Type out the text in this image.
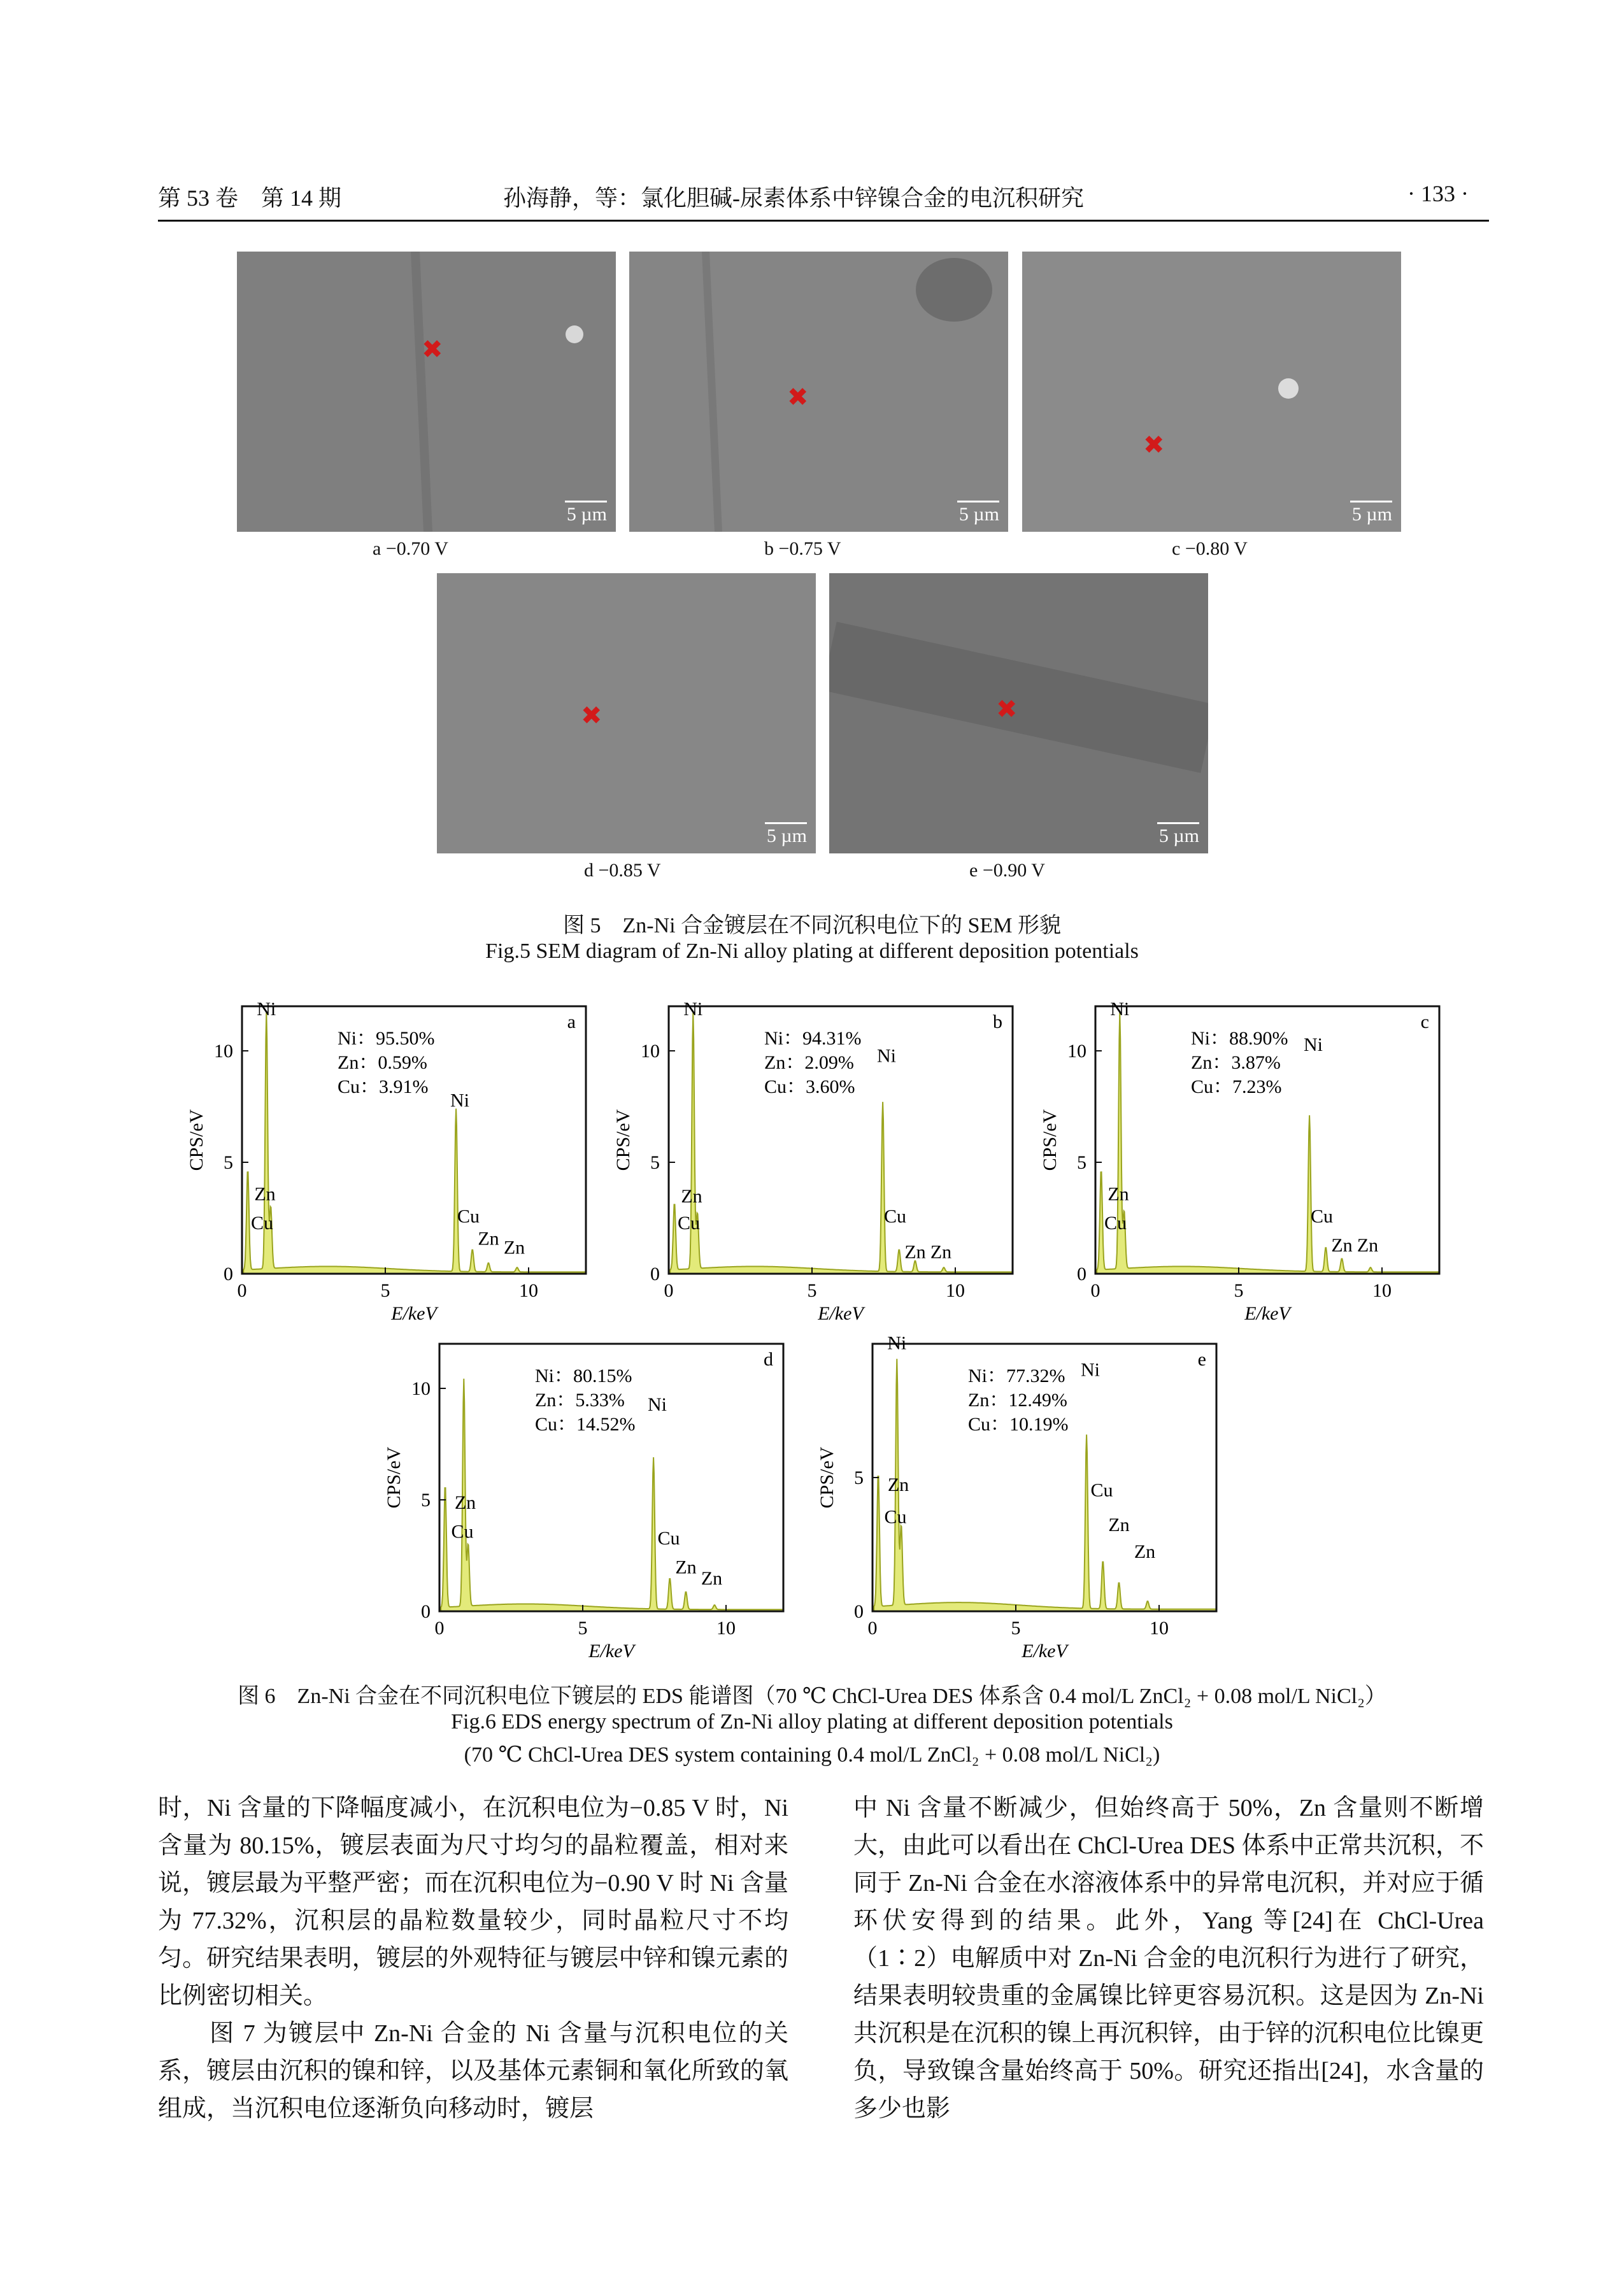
第 53 卷　第 14 期	孙海静，等：氯化胆碱-尿素体系中锌镍合金的电沉积研究	· 133 ·
✖
5 µm
✖
5 µm
✖
5 µm
a −0.70 V	b −0.75 V	c −0.80 V
✖
5 µm
✖
5 µm
d −0.85 V	e −0.90 V
图 5　Zn-Ni 合金镀层在不同沉积电位下的 SEM 形貌
Fig.5 SEM diagram of Zn-Ni alloy plating at different deposition potentials
0	5	10
0
5
10
E/keV
CPS/eV
a
Ni：95.50%
Zn：0.59%
Cu：3.91%
Ni
Ni
Zn
Cu	Cu
Zn Zn
0	5	10
0
5
10
E/keV
CPS/eV
b
Ni：94.31%
Zn：2.09%
Cu：3.60%
Ni
Ni
Zn
Cu	Cu
Zn Zn
0	5	10
0
5
10
E/keV
CPS/eV
c
Ni：88.90%
Zn：3.87%
Cu：7.23%
Ni
Ni
Zn
Cu	Cu
Zn Zn
0	5	10
0
5
10
E/keV
CPS/eV
d
Ni：80.15%
Zn：5.33%
Cu：14.52%
Ni
Zn
Cu	Cu
Zn
Zn
0	5	10
0
5
E/keV
CPS/eV
e
Ni：77.32%
Zn：12.49%
Cu：10.19%
Ni
Ni
Zn
Cu
Cu
Zn
Zn
图 6　Zn-Ni 合金在不同沉积电位下镀层的 EDS 能谱图（70 ℃ ChCl-Urea DES 体系含 0.4 mol/L ZnCl₂ + 0.08 mol/L NiCl₂）
Fig.6 EDS energy spectrum of Zn-Ni alloy plating at different deposition potentials
(70 ℃ ChCl-Urea DES system containing 0.4 mol/L ZnCl₂ + 0.08 mol/L NiCl₂)

时，Ni 含量的下降幅度减小，在沉积电位为−0.85 V 时，Ni 含量为 80.15%，镀层表面为尺寸均匀的晶粒覆盖，相对来说，镀层最为平整严密；而在沉积电位为−0.90 V 时 Ni 含量为 77.32%，沉积层的晶粒数量较少，同时晶粒尺寸不均匀。研究结果表明，镀层的外观特征与镀层中锌和镍元素的比例密切相关。

　　图 7 为镀层中 Zn-Ni 合金的 Ni 含量与沉积电位的关系，镀层由沉积的镍和锌，以及基体元素铜和氧化所致的氧组成，当沉积电位逐渐负向移动时，镀层

中 Ni 含量不断减少，但始终高于 50%，Zn 含量则不断增大，由此可以看出在 ChCl-Urea DES 体系中正常共沉积，不同于 Zn-Ni 合金在水溶液体系中的异常电沉积，并对应于循环伏安得到的结果。此外，Yang 等[24]在 ChCl-Urea（1∶2）电解质中对 Zn-Ni 合金的电沉积行为进行了研究，结果表明较贵重的金属镍比锌更容易沉积。这是因为 Zn-Ni 共沉积是在沉积的镍上再沉积锌，由于锌的沉积电位比镍更负，导致镍含量始终高于 50%。研究还指出[24]，水含量的多少也影
